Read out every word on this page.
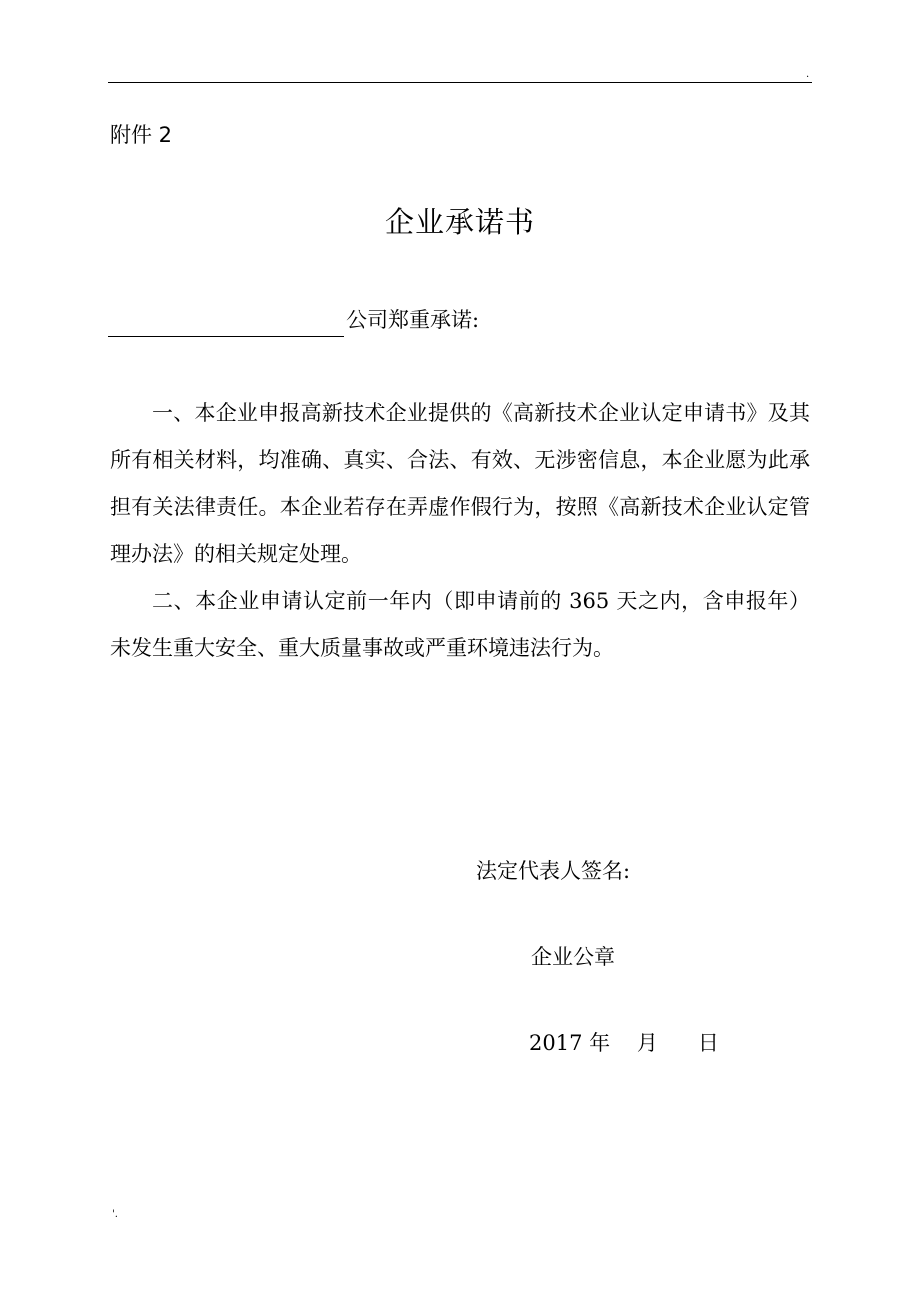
.
附件 2
企业承诺书
公司郑重承诺:

一、本企业申报高新技术企业提供的《高新技术企业认定申请书》及其所有相关材料，均准确、真实、合法、有效、无涉密信息，本企业愿为此承担有关法律责任。本企业若存在弄虚作假行为，按照《高新技术企业认定管理办法》的相关规定处理。

二、本企业申请认定前一年内（即申请前的 365 天之内，含申报年）未发生重大安全、重大质量事故或严重环境违法行为。

法定代表人签名:
企业公章
2017 年    月      日
'.
